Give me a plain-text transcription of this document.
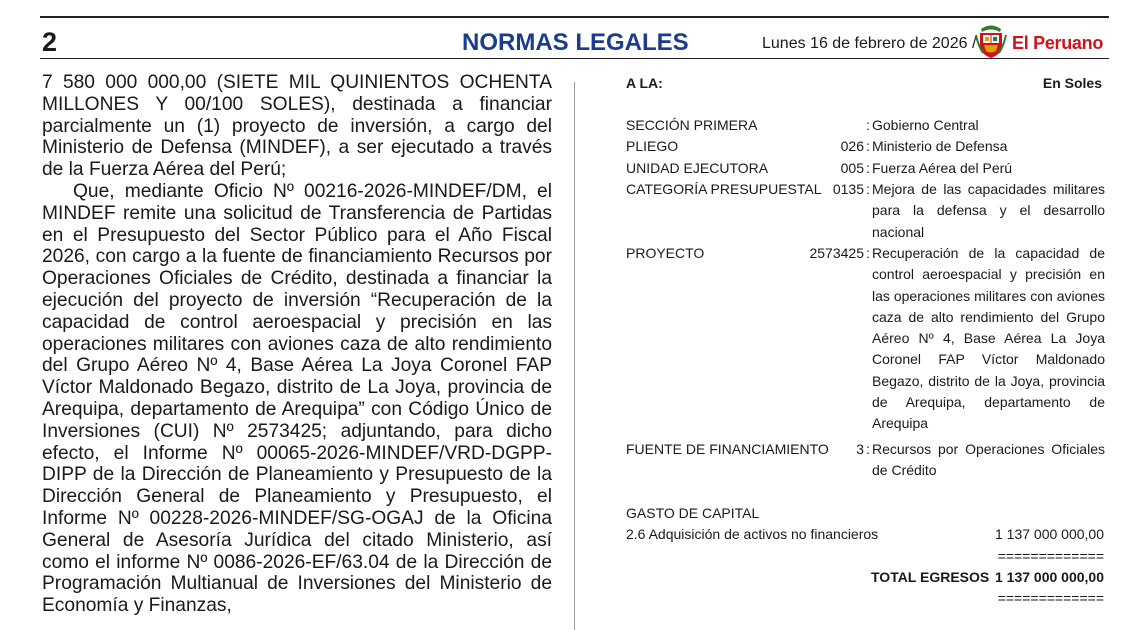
2	NORMAS LEGALES	Lunes 16 de febrero de 2026 / El Peruano

7 580 000 000,00 (SIETE MIL QUINIENTOS OCHENTA MILLONES Y 00/100 SOLES), destinada a financiar parcialmente un (1) proyecto de inversión, a cargo del Ministerio de Defensa (MINDEF), a ser ejecutado a través de la Fuerza Aérea del Perú;

Que, mediante Oficio Nº 00216-2026-MINDEF/DM, el MINDEF remite una solicitud de Transferencia de Partidas en el Presupuesto del Sector Público para el Año Fiscal 2026, con cargo a la fuente de financiamiento Recursos por Operaciones Oficiales de Crédito, destinada a financiar la ejecución del proyecto de inversión “Recuperación de la capacidad de control aeroespacial y precisión en las operaciones militares con aviones caza de alto rendimiento del Grupo Aéreo Nº 4, Base Aérea La Joya Coronel FAP Víctor Maldonado Begazo, distrito de La Joya, provincia de Arequipa, departamento de Arequipa” con Código Único de Inversiones (CUI) Nº 2573425; adjuntando, para dicho efecto, el Informe Nº 00065-2026-MINDEF/VRD-DGPP-DIPP de la Dirección de Planeamiento y Presupuesto de la Dirección General de Planeamiento y Presupuesto, el Informe Nº 00228-2026-MINDEF/SG-OGAJ de la Oficina General de Asesoría Jurídica del citado Ministerio, así como el informe Nº 0086-2026-EF/63.04 de la Dirección de Programación Multianual de Inversiones del Ministerio de Economía y Finanzas,

A LA:	En Soles
SECCIÓN PRIMERA	: Gobierno Central
PLIEGO	026 : Ministerio de Defensa
UNIDAD EJECUTORA	005 : Fuerza Aérea del Perú
CATEGORÍA PRESUPUESTAL 0135 : Mejora de las capacidades militares para la defensa y el desarrollo nacional
PROYECTO	2573425 : Recuperación de la capacidad de control aeroespacial y precisión en las operaciones militares con aviones caza de alto rendimiento del Grupo Aéreo Nº 4, Base Aérea La Joya Coronel FAP Víctor Maldonado Begazo, distrito de la Joya, provincia de Arequipa, departamento de Arequipa
FUENTE DE FINANCIAMIENTO	3 : Recursos por Operaciones Oficiales de Crédito
GASTO DE CAPITAL
2.6 Adquisición de activos no financieros	1 137 000 000,00
=============
TOTAL EGRESOS 1 137 000 000,00
=============
